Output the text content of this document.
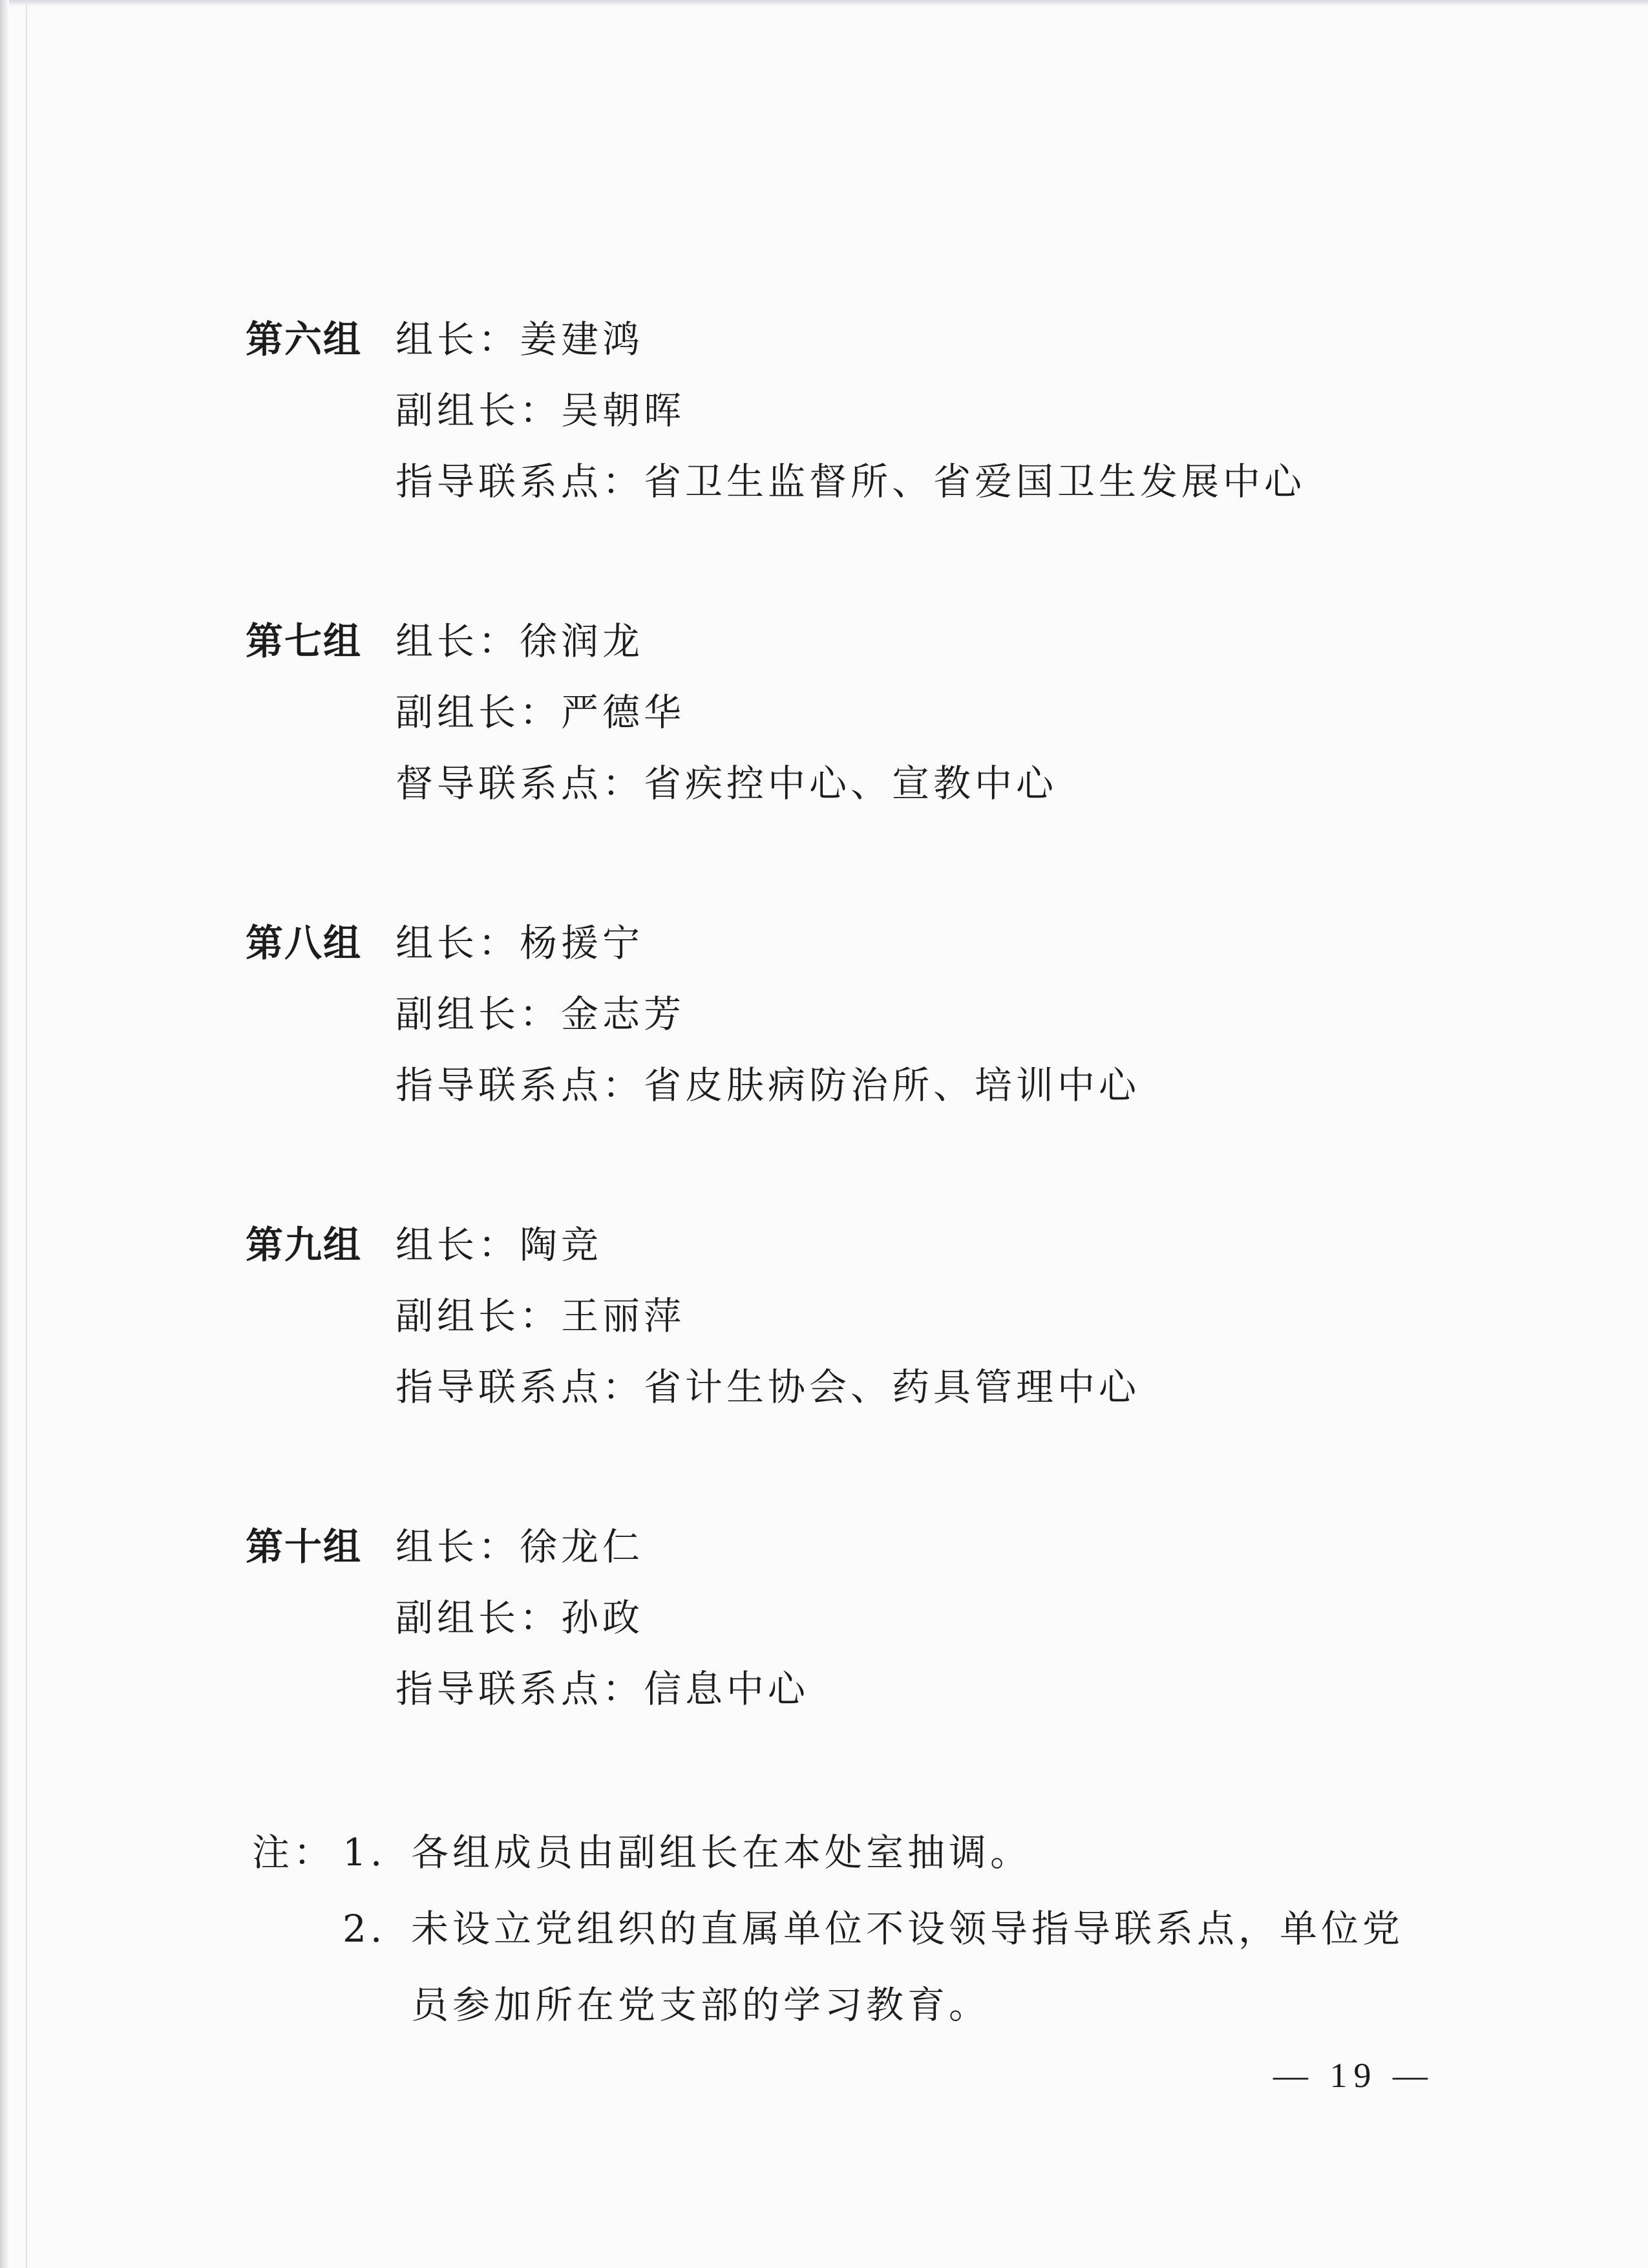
第六组 组长：姜建鸿
副组长：吴朝晖
指导联系点：省卫生监督所、省爱国卫生发展中心
第七组 组长：徐润龙
副组长：严德华
督导联系点：省疾控中心、宣教中心
第八组 组长：杨援宁
副组长：金志芳
指导联系点：省皮肤病防治所、培训中心
第九组 组长：陶竞
副组长：王丽萍
指导联系点：省计生协会、药具管理中心
第十组 组长：徐龙仁
副组长：孙政
指导联系点：信息中心
注： 1. 各组成员由副组长在本处室抽调。
2. 未设立党组织的直属单位不设领导指导联系点，单位党
员参加所在党支部的学习教育。
— 19 —
